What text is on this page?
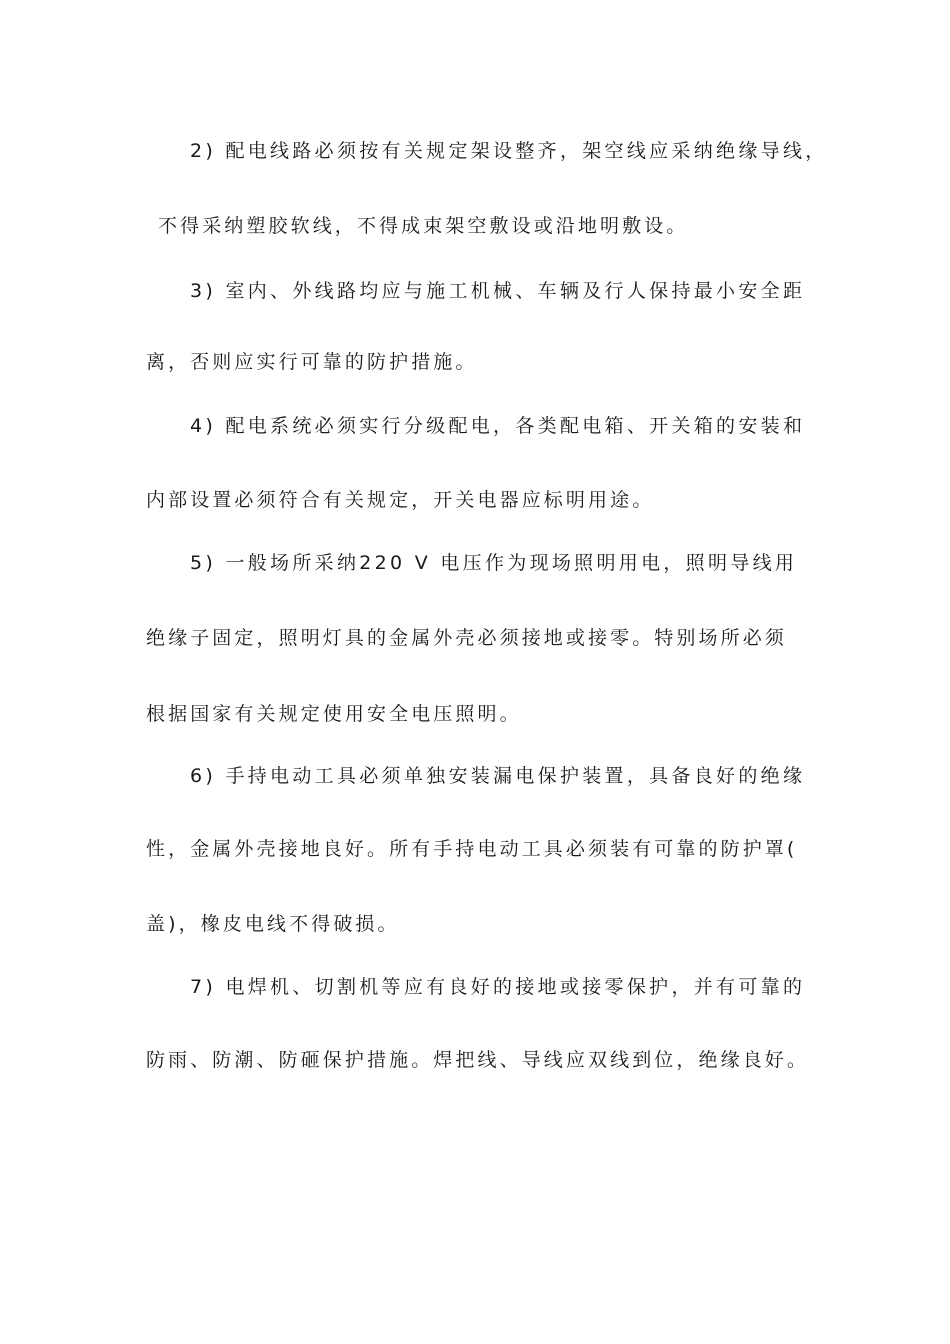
2) 配电线路必须按有关规定架设整齐，架空线应采纳绝缘导线，
不得采纳塑胶软线，不得成束架空敷设或沿地明敷设。
3) 室内、外线路均应与施工机械、车辆及行人保持最小安全距
离，否则应实行可靠的防护措施。
4) 配电系统必须实行分级配电，各类配电箱、开关箱的安装和
内部设置必须符合有关规定，开关电器应标明用途。
5) 一般场所采纳220 V 电压作为现场照明用电，照明导线用
绝缘子固定，照明灯具的金属外壳必须接地或接零。特别场所必须
根据国家有关规定使用安全电压照明。
6) 手持电动工具必须单独安装漏电保护装置，具备良好的绝缘
性，金属外壳接地良好。所有手持电动工具必须装有可靠的防护罩(
盖)，橡皮电线不得破损。
7) 电焊机、切割机等应有良好的接地或接零保护，并有可靠的
防雨、防潮、防砸保护措施。焊把线、导线应双线到位，绝缘良好。
